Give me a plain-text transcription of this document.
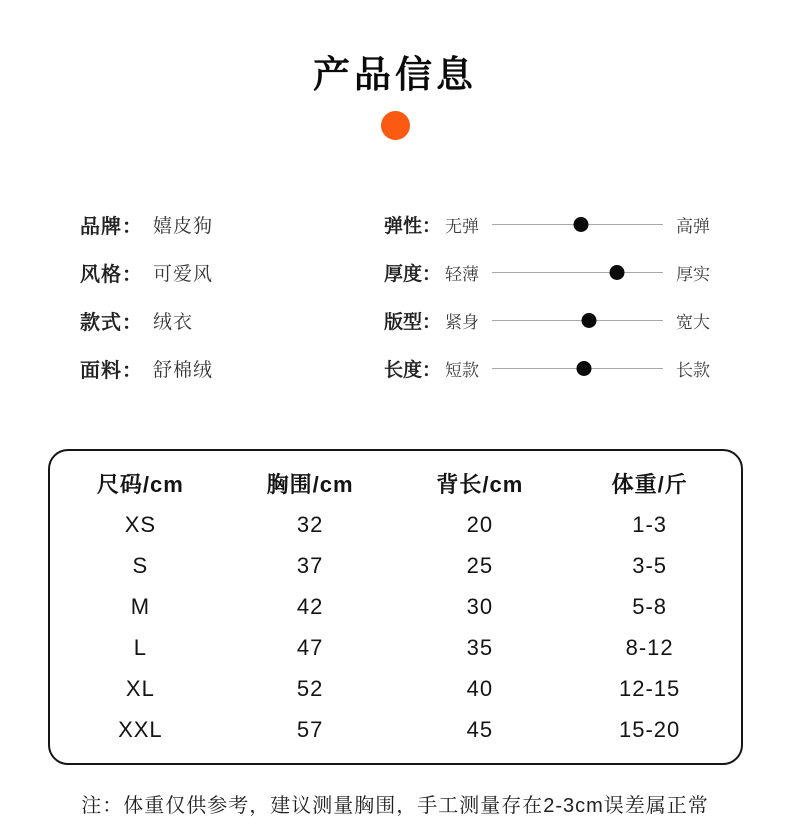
产品信息
品牌： 嬉皮狗
风格： 可爱风
款式： 绒衣
面料： 舒棉绒
弹性： 无弹	高弹
厚度： 轻薄	厚实
版型： 紧身	宽大
长度： 短款	长款
尺码/cm	胸围/cm	背长/cm	体重/斤
XS	32	20	1-3
S	37	25	3-5
M	42	30	5-8
L	47	35	8-12
XL	52	40	12-15
XXL	57	45	15-20

注：体重仅供参考，建议测量胸围，手工测量存在2-3cm误差属正常
